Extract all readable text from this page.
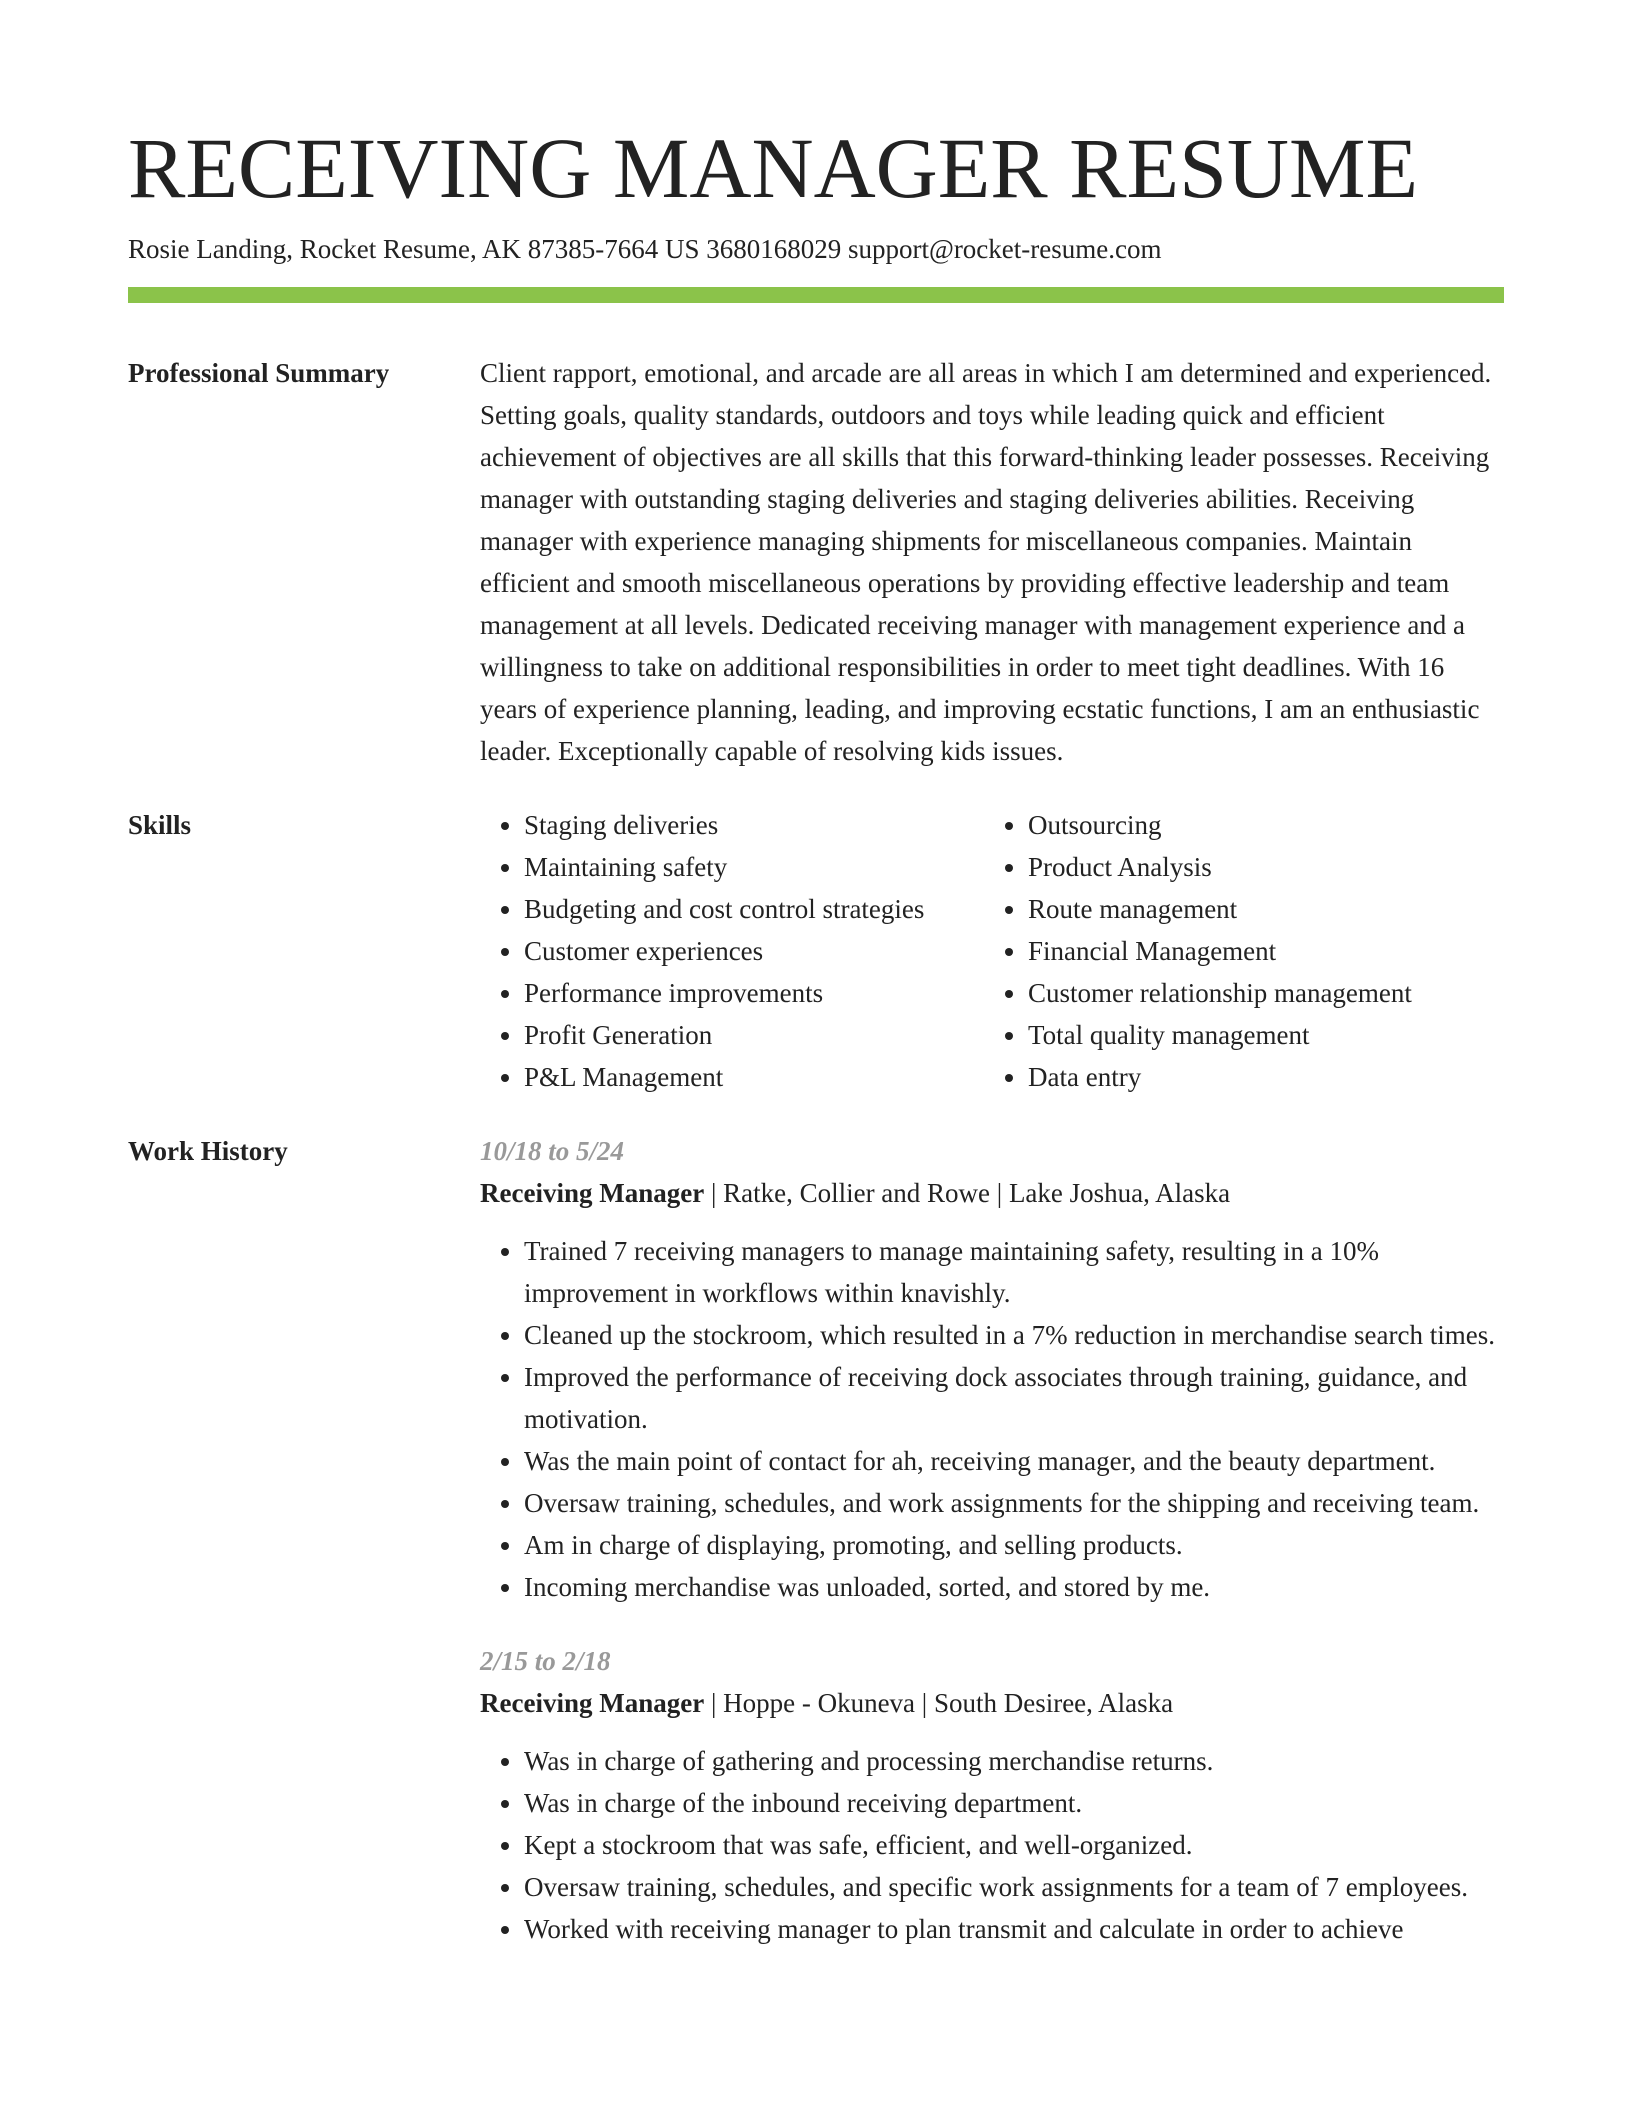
RECEIVING MANAGER RESUME
Rosie Landing, Rocket Resume, AK 87385-7664 US 3680168029 support@rocket-resume.com
Professional Summary	Client rapport, emotional, and arcade are all areas in which I am determined and experienced. Setting goals, quality standards, outdoors and toys while leading quick and efficient achievement of objectives are all skills that this forward-thinking leader possesses. Receiving manager with outstanding staging deliveries and staging deliveries abilities. Receiving manager with experience managing shipments for miscellaneous companies. Maintain efficient and smooth miscellaneous operations by providing effective leadership and team management at all levels. Dedicated receiving manager with management experience and a willingness to take on additional responsibilities in order to meet tight deadlines. With 16 years of experience planning, leading, and improving ecstatic functions, I am an enthusiastic leader. Exceptionally capable of resolving kids issues.

Skills
•	Staging deliveries
• Maintaining safety
• Budgeting and cost control strategies
• Customer experiences
• Performance improvements
• Profit Generation
• P&L Management
• Outsourcing
• Product Analysis
• Route management
• Financial Management
• Customer relationship management
• Total quality management
• Data entry
Work History	10/18 to 5/24
Receiving Manager | Ratke, Collier and Rowe | Lake Joshua, Alaska
• Trained 7 receiving managers to manage maintaining safety, resulting in a 10% improvement in workflows within knavishly.
• Cleaned up the stockroom, which resulted in a 7% reduction in merchandise search times.
• Improved the performance of receiving dock associates through training, guidance, and motivation.
• Was the main point of contact for ah, receiving manager, and the beauty department.
• Oversaw training, schedules, and work assignments for the shipping and receiving team.
• Am in charge of displaying, promoting, and selling products.
• Incoming merchandise was unloaded, sorted, and stored by me.
2/15 to 2/18
Receiving Manager | Hoppe - Okuneva | South Desiree, Alaska
• Was in charge of gathering and processing merchandise returns.
• Was in charge of the inbound receiving department.
• Kept a stockroom that was safe, efficient, and well-organized.
• Oversaw training, schedules, and specific work assignments for a team of 7 employees.
• Worked with receiving manager to plan transmit and calculate in order to achieve
